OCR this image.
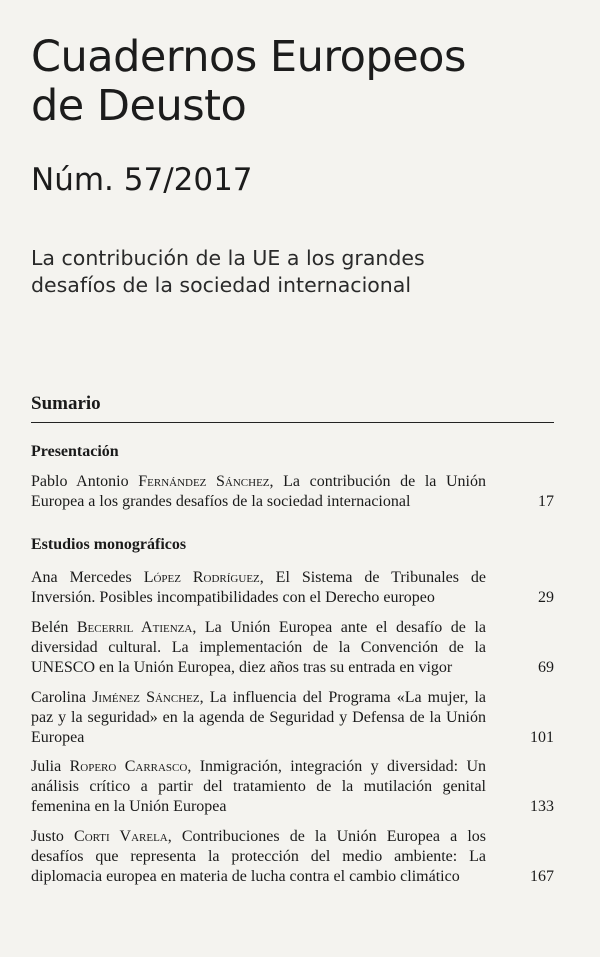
Cuadernos Europeos
de Deusto
Núm. 57/2017

La contribución de la UE a los grandes
desafíos de la sociedad internacional

Sumario
Presentación
Pablo Antonio Fernández Sánchez, La contribución de la Unión Europea a los grandes desafíos de la sociedad internacional	17
Estudios monográficos
Ana Mercedes López Rodríguez, El Sistema de Tribunales de Inversión. Posibles incompatibilidades con el Derecho europeo	29
Belén Becerril Atienza, La Unión Europea ante el desafío de la diversidad cultural. La implementación de la Convención de la UNESCO en la Unión Europea, diez años tras su entrada en vigor	69
Carolina Jiménez Sánchez, La influencia del Programa «La mujer, la paz y la seguridad» en la agenda de Seguridad y Defensa de la Unión Europea	101
Julia Ropero Carrasco, Inmigración, integración y diversidad: Un análisis crítico a partir del tratamiento de la mutilación genital femenina en la Unión Europea	133
Justo Corti Varela, Contribuciones de la Unión Europea a los desafíos que representa la protección del medio ambiente: La diplomacia europea en materia de lucha contra el cambio climático	167
